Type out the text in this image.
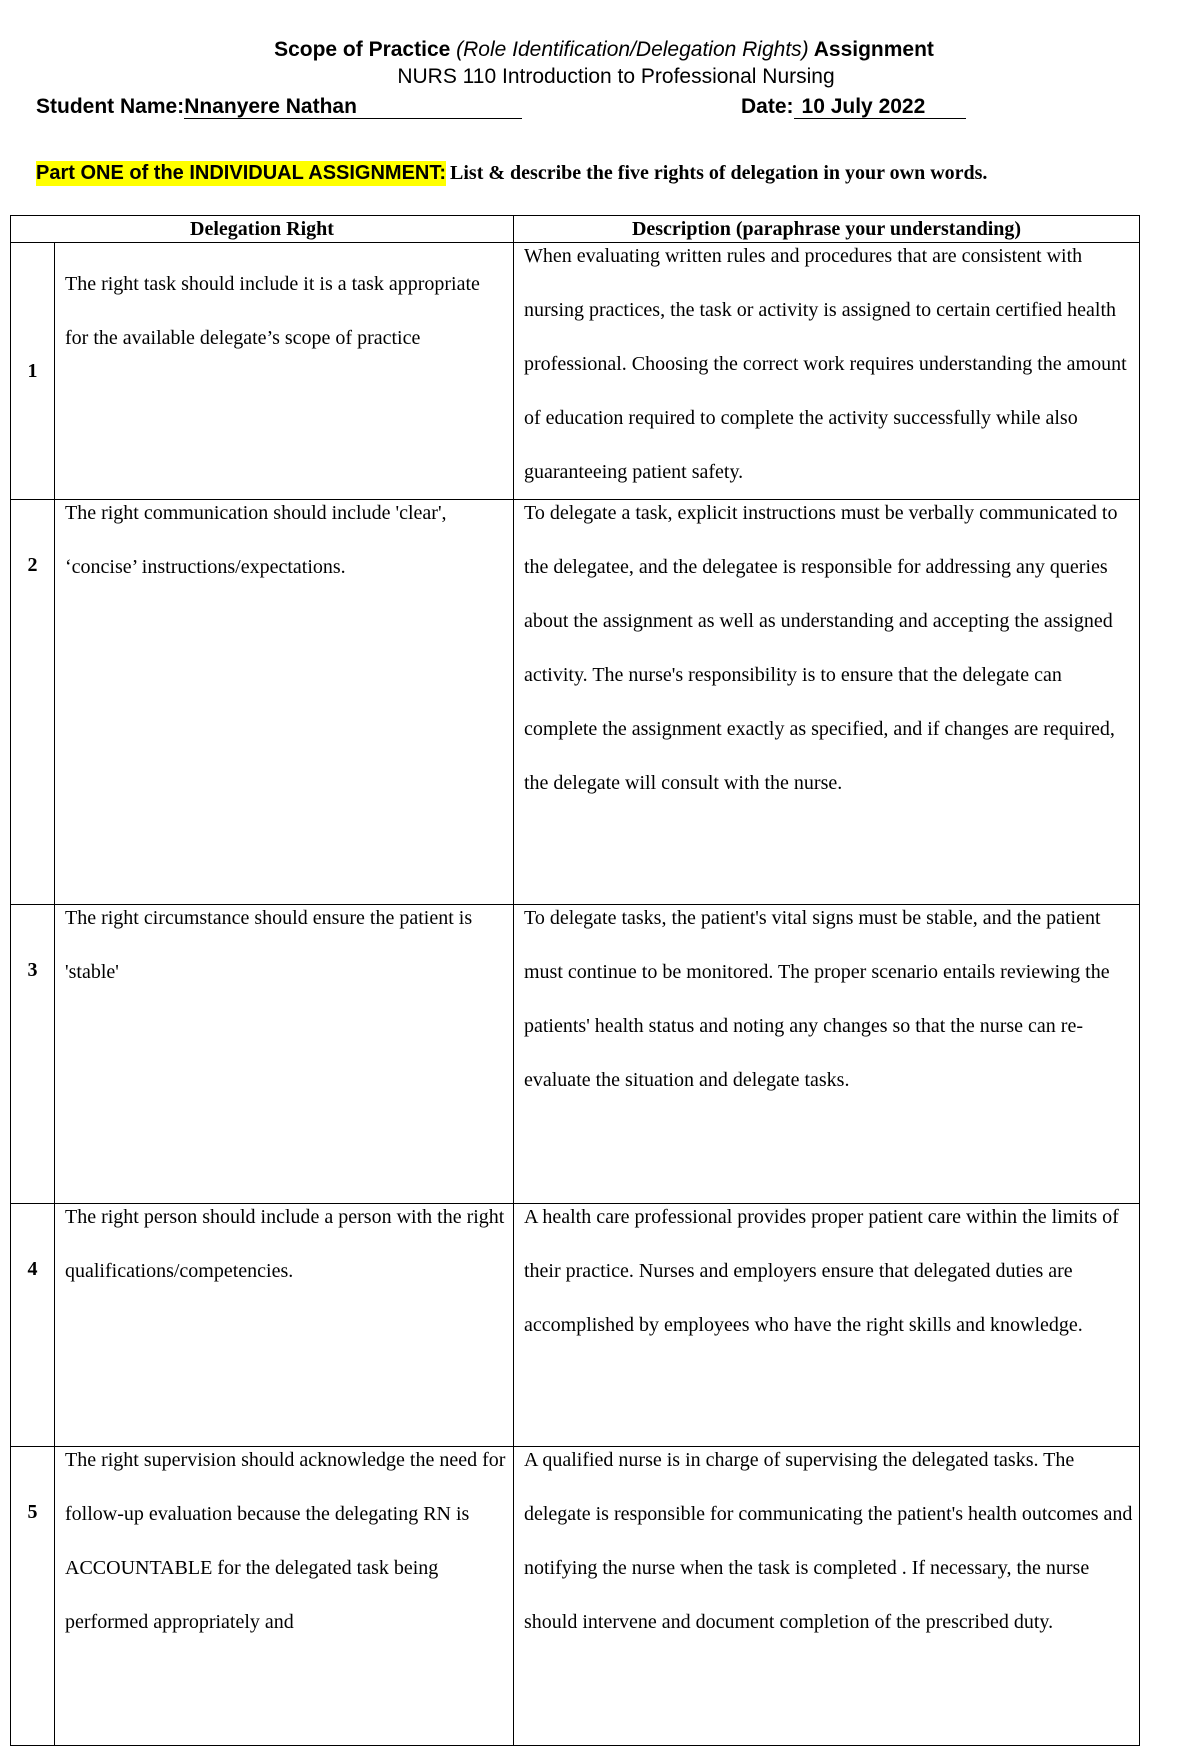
Scope of Practice (Role Identification/Delegation Rights) Assignment
NURS 110 Introduction to Professional Nursing
Student Name:Nnanyere Nathan	Date: 10 July 2022
Part ONE of the INDIVIDUAL ASSIGNMENT: List & describe the five rights of delegation in your own words.
Delegation Right		Description (paraphrase your understanding)
1	The right task should include it is a task appropriate for the available delegate’s scope of practice	When evaluating written rules and procedures that are consistent with nursing practices, the task or activity is assigned to certain certified health professional. Choosing the correct work requires understanding the amount of education required to complete the activity successfully while also guaranteeing patient safety.

2	The right communication should include 'clear', ‘concise’ instructions/expectations.	To delegate a task, explicit instructions must be verbally communicated to the delegatee, and the delegatee is responsible for addressing any queries about the assignment as well as understanding and accepting the assigned activity. The nurse's responsibility is to ensure that the delegate can complete the assignment exactly as specified, and if changes are required, the delegate will consult with the nurse.

3	The right circumstance should ensure the patient is 'stable'	To delegate tasks, the patient's vital signs must be stable, and the patient must continue to be monitored. The proper scenario entails reviewing the patients' health status and noting any changes so that the nurse can re-evaluate the situation and delegate tasks.

4	The right person should include a person with the right qualifications/competencies.	A health care professional provides proper patient care within the limits of their practice. Nurses and employers ensure that delegated duties are accomplished by employees who have the right skills and knowledge.

5	The right supervision should acknowledge the need for follow-up evaluation because the delegating RN is ACCOUNTABLE for the delegated task being performed appropriately and	A qualified nurse is in charge of supervising the delegated tasks. The delegate is responsible for communicating the patient's health outcomes and notifying the nurse when the task is completed . If necessary, the nurse should intervene and document completion of the prescribed duty.
